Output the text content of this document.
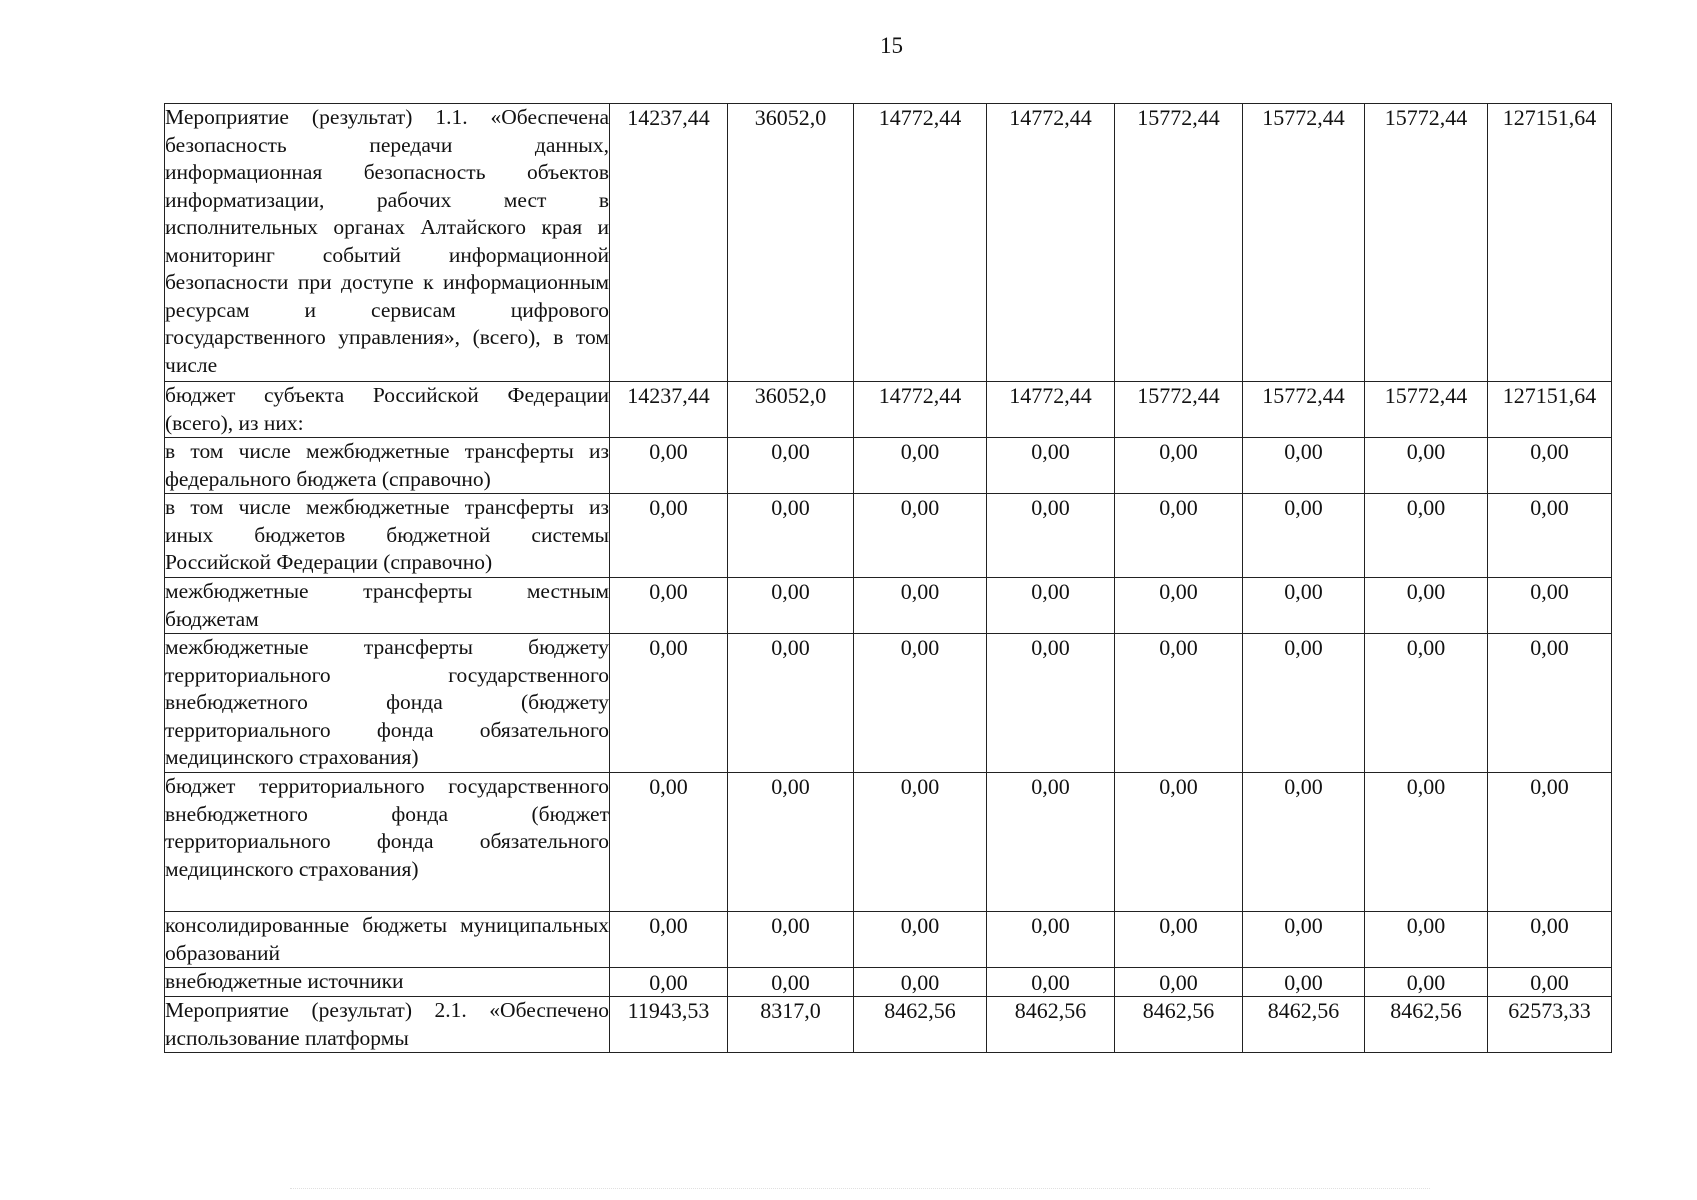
15
Мероприятие (результат) 1.1. «Обеспечена безопасность передачи данных, информационная безопасность объектов информатизации, рабочих мест в исполнительных органах Алтайского края и мониторинг событий информационной безопасности при доступе к информационным ресурсам и сервисам цифрового государственного управления», (всего), в том числе	14237,44	36052,0	14772,44	14772,44	15772,44	15772,44	15772,44	127151,64
бюджет субъекта Российской Федерации (всего), из них:	14237,44	36052,0	14772,44	14772,44	15772,44	15772,44	15772,44	127151,64
в том числе межбюджетные трансферты из федерального бюджета (справочно)	0,00	0,00	0,00	0,00	0,00	0,00	0,00	0,00
в том числе межбюджетные трансферты из иных бюджетов бюджетной системы Российской Федерации (справочно)	0,00	0,00	0,00	0,00	0,00	0,00	0,00	0,00
межбюджетные трансферты местным бюджетам	0,00	0,00	0,00	0,00	0,00	0,00	0,00	0,00
межбюджетные трансферты бюджету территориального государственного внебюджетного фонда (бюджету территориального фонда обязательного медицинского страхования)	0,00	0,00	0,00	0,00	0,00	0,00	0,00	0,00
бюджет территориального государственного внебюджетного фонда (бюджет территориального фонда обязательного медицинского страхования)	0,00	0,00	0,00	0,00	0,00	0,00	0,00	0,00
консолидированные бюджеты муниципальных образований	0,00	0,00	0,00	0,00	0,00	0,00	0,00	0,00
внебюджетные источники	0,00	0,00	0,00	0,00	0,00	0,00	0,00	0,00
Мероприятие (результат) 2.1. «Обеспечено использование платформы	11943,53	8317,0	8462,56	8462,56	8462,56	8462,56	8462,56	62573,33
